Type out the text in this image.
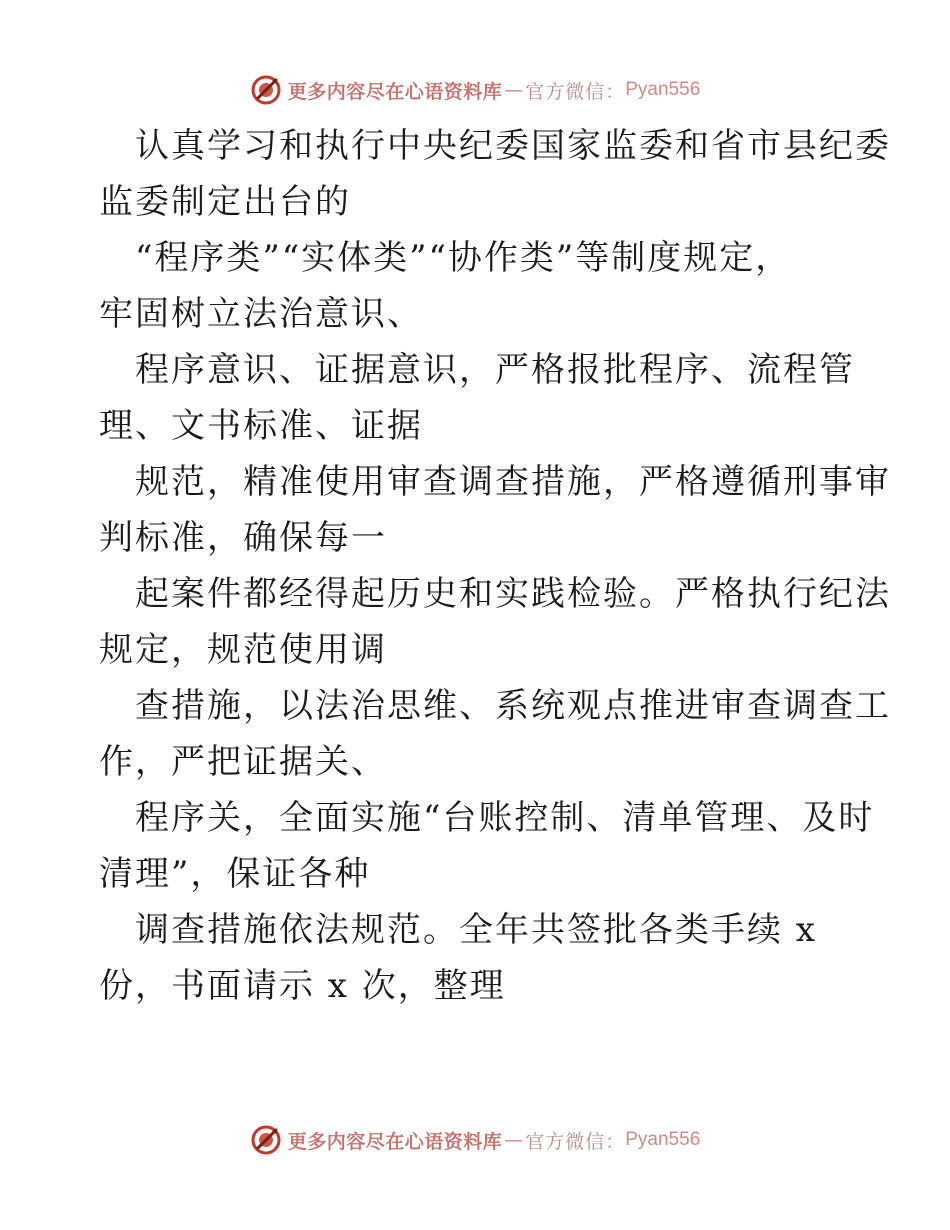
更多内容尽在心语资料库 — 官方微信： Pyan556
认真学习和执行中央纪委国家监委和省市县纪委
监委制定出台的
“程序类”“实体类”“协作类”等制度规定，
牢固树立法治意识、
程序意识、证据意识，严格报批程序、流程管
理、文书标准、证据
规范，精准使用审查调查措施，严格遵循刑事审
判标准，确保每一
起案件都经得起历史和实践检验。严格执行纪法
规定，规范使用调
查措施，以法治思维、系统观点推进审查调查工
作，严把证据关、
程序关，全面实施“台账控制、清单管理、及时
清理”，保证各种
调查措施依法规范。全年共签批各类手续 x
份，书面请示 x 次，整理
更多内容尽在心语资料库 — 官方微信： Pyan556
